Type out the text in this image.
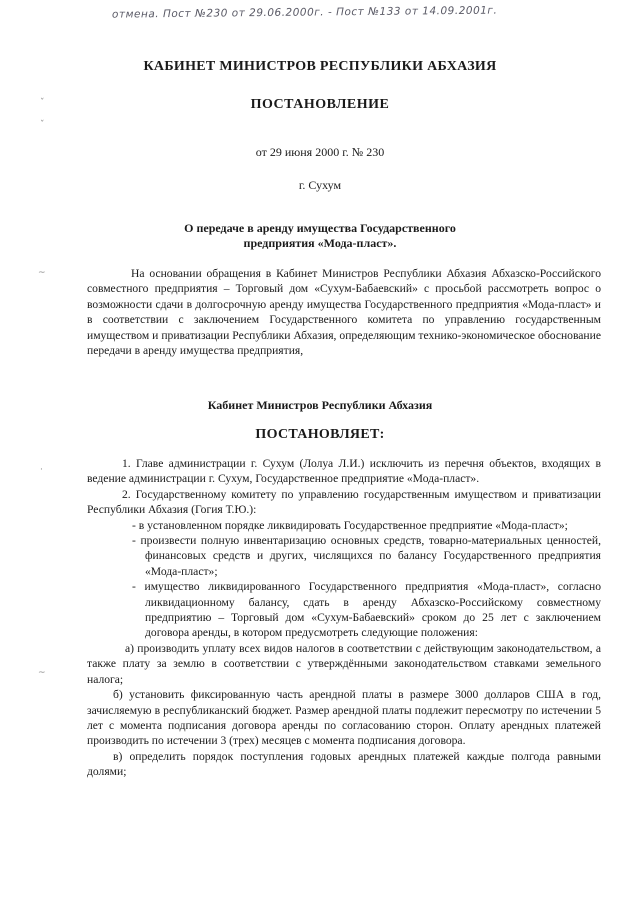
отмена. Пост №230 от 29.06.2000г. - Пост №133 от 14.09.2001г.
КАБИНЕТ МИНИСТРОВ РЕСПУБЛИКИ АБХАЗИЯ
ПОСТАНОВЛЕНИЕ
от 29 июня 2000 г. № 230
г. Сухум
О передаче в аренду имущества Государственного
предприятия «Мода-пласт».
На основании обращения в Кабинет Министров Республики Абхазия Абхазско-Российского совместного предприятия – Торговый дом «Сухум-Бабаевский» с просьбой рассмотреть вопрос о возможности сдачи в долгосрочную аренду имущества Государственного предприятия «Мода-пласт» и в соответствии с заключением Государственного комитета по управлению государственным имуществом и приватизации Республики Абхазия, определяющим технико-экономическое обоснование передачи в аренду имущества предприятия,
Кабинет Министров Республики Абхазия
ПОСТАНОВЛЯЕТ:

1. Главе администрации г. Сухум (Лолуа Л.И.) исключить из перечня объектов, входящих в ведение администрации г. Сухум, Государственное предприятие «Мода-пласт».

2. Государственному комитету по управлению государственным имуществом и приватизации Республики Абхазия (Гогия Т.Ю.):

- в установленном порядке ликвидировать Государственное предприятие «Мода-пласт»;

- произвести полную инвентаризацию основных средств, товарно-материальных ценностей, финансовых средств и других, числящихся по балансу Государственного предприятия «Мода-пласт»;

- имущество ликвидированного Государственного предприятия «Мода-пласт», согласно ликвидационному балансу, сдать в аренду Абхазско-Российскому совместному предприятию – Торговый дом «Сухум-Бабаевский» сроком до 25 лет с заключением договора аренды, в котором предусмотреть следующие положения:

а) производить уплату всех видов налогов в соответствии с действующим законодательством, а также плату за землю в соответствии с утверждёнными законодательством ставками земельного налога;

б) установить фиксированную часть арендной платы в размере 3000 долларов США в год, зачисляемую в республиканский бюджет. Размер арендной платы подлежит пересмотру по истечении 5 лет с момента подписания договора аренды по согласованию сторон. Оплату арендных платежей производить по истечении 3 (трех) месяцев с момента подписания договора.

в) определить порядок поступления годовых арендных платежей каждые полгода равными долями;

ˇ
ˇ
~
·
~
